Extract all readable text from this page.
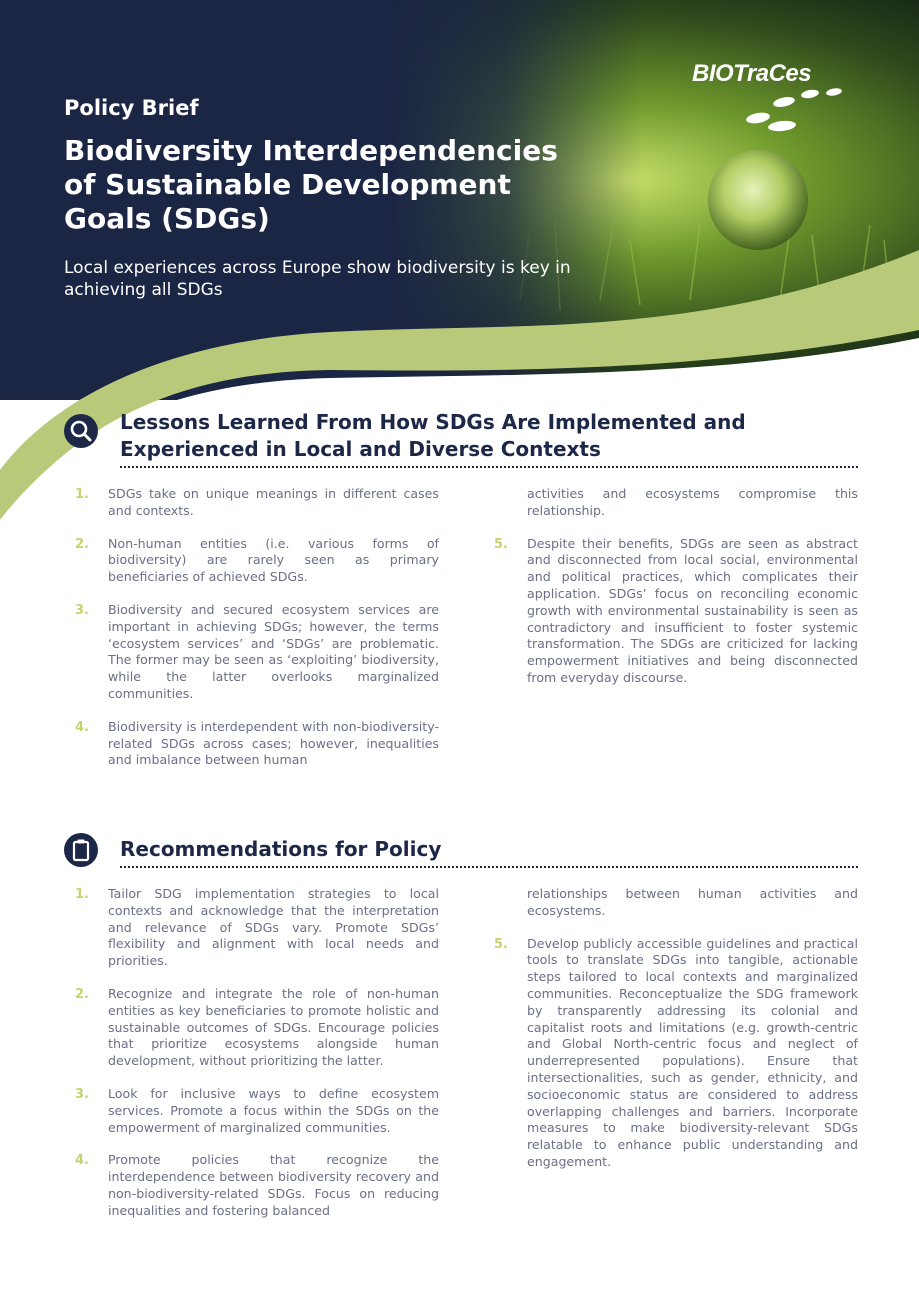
Policy Brief
Biodiversity Interdependencies of Sustainable Development Goals (SDGs)
Local experiences across Europe show biodiversity is key in achieving all SDGs
BIOTraCes
Lessons Learned From How SDGs Are Implemented and
Experienced in Local and Diverse Contexts
1. SDGs take on unique meanings in different cases and contexts.

2. Non-human entities (i.e. various forms of biodiversity) are rarely seen as primary beneficiaries of achieved SDGs.

3. Biodiversity and secured ecosystem services are important in achieving SDGs; however, the terms ‘ecosystem services’ and ‘SDGs’ are problematic. The former may be seen as ‘exploiting’ biodiversity, while the latter overlooks marginalized communities.

4. Biodiversity is interdependent with non-biodiversity-related SDGs across cases; however, inequalities and imbalance between human

activities and ecosystems compromise this relationship.

5. Despite their benefits, SDGs are seen as abstract and disconnected from local social, environmental and political practices, which complicates their application. SDGs’ focus on reconciling economic growth with environmental sustainability is seen as contradictory and insufficient to foster systemic transformation. The SDGs are criticized for lacking empowerment initiatives and being disconnected from everyday discourse.

Recommendations for Policy
1. Tailor SDG implementation strategies to local contexts and acknowledge that the interpretation and relevance of SDGs vary. Promote SDGs’ flexibility and alignment with local needs and priorities.

2. Recognize and integrate the role of non-human entities as key beneficiaries to promote holistic and sustainable outcomes of SDGs. Encourage policies that prioritize ecosystems alongside human development, without prioritizing the latter.

3. Look for inclusive ways to define ecosystem services. Promote a focus within the SDGs on the empowerment of marginalized communities.

4. Promote policies that recognize the interdependence between biodiversity recovery and non-biodiversity-related SDGs. Focus on reducing inequalities and fostering balanced

relationships between human activities and ecosystems.

5. Develop publicly accessible guidelines and practical tools to translate SDGs into tangible, actionable steps tailored to local contexts and marginalized communities. Reconceptualize the SDG framework by transparently addressing its colonial and capitalist roots and limitations (e.g. growth-centric and Global North-centric focus and neglect of underrepresented populations). Ensure that intersectionalities, such as gender, ethnicity, and socioeconomic status are considered to address overlapping challenges and barriers. Incorporate measures to make biodiversity-relevant SDGs relatable to enhance public understanding and engagement.
